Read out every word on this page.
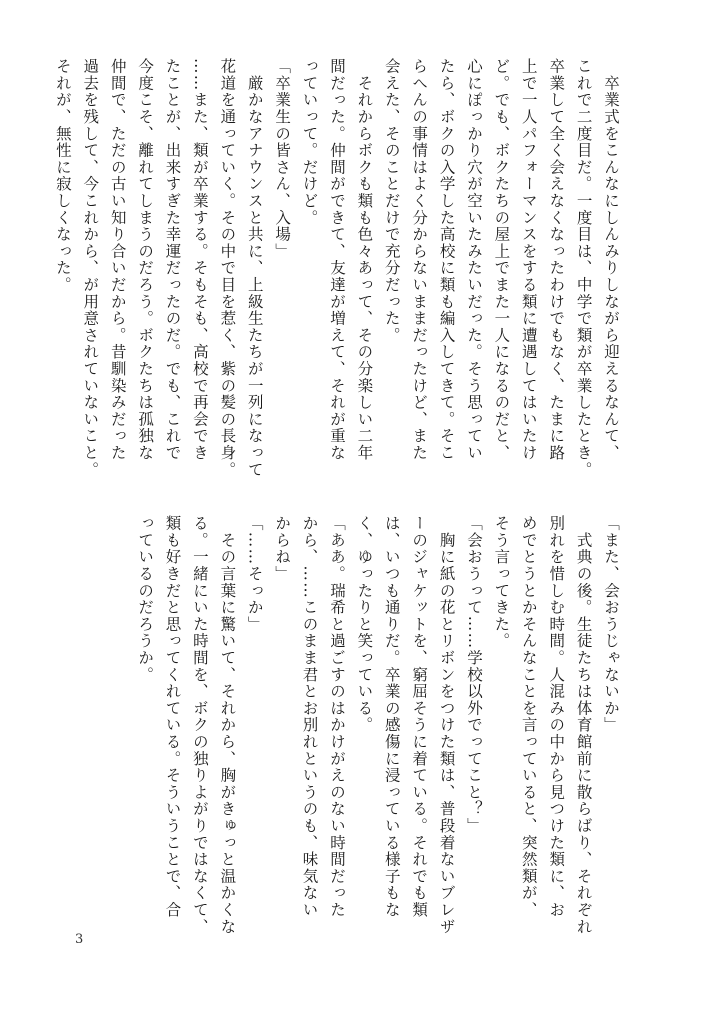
　卒業式をこんなにしんみりしながら迎えるなんて、
これで二度目だ。一度目は、中学で類が卒業したとき。
卒業して全く会えなくなったわけでもなく、たまに路
上で一人パフォーマンスをする類に遭遇してはいたけ
ど。でも、ボクたちの屋上でまた一人になるのだと、
心にぽっかり穴が空いたみたいだった。そう思ってい
たら、ボクの入学した高校に類も編入してきて。そこ
らへんの事情はよく分からないままだったけど、また
会えた、そのことだけで充分だった。
　それからボクも類も色々あって、その分楽しい二年
間だった。仲間ができて、友達が増えて、それが重な
っていって。だけど。
「卒業生の皆さん、入場」
　厳かなアナウンスと共に、上級生たちが一列になって
花道を通っていく。その中で目を惹く、紫の髪の長身。
……また、類が卒業する。そもそも、高校で再会でき
たことが、出来すぎた幸運だったのだ。でも、これで
今度こそ、離れてしまうのだろう。ボクたちは孤独な
仲間で、ただの古い知り合いだから。昔馴染みだった
過去を残して、今これから、が用意されていないこと。
それが、無性に寂しくなった。
「また、会おうじゃないか」
　式典の後。生徒たちは体育館前に散らばり、それぞれ
別れを惜しむ時間。人混みの中から見つけた類に、お
めでとうとかそんなことを言っていると、突然類が、
そう言ってきた。
「会おうって……学校以外でってこと？」
　胸に紙の花とリボンをつけた類は、普段着ないブレザ
ーのジャケットを、窮屈そうに着ている。それでも類
は、いつも通りだ。卒業の感傷に浸っている様子もな
く、ゆったりと笑っている。
「ああ。瑞希と過ごすのはかけがえのない時間だった
から、……このまま君とお別れというのも、味気ない
からね」
「……そっか」
　その言葉に驚いて、それから、胸がきゅっと温かくな
る。一緒にいた時間を、ボクの独りよがりではなくて、
類も好きだと思ってくれている。そういうことで、合
っているのだろうか。
3
